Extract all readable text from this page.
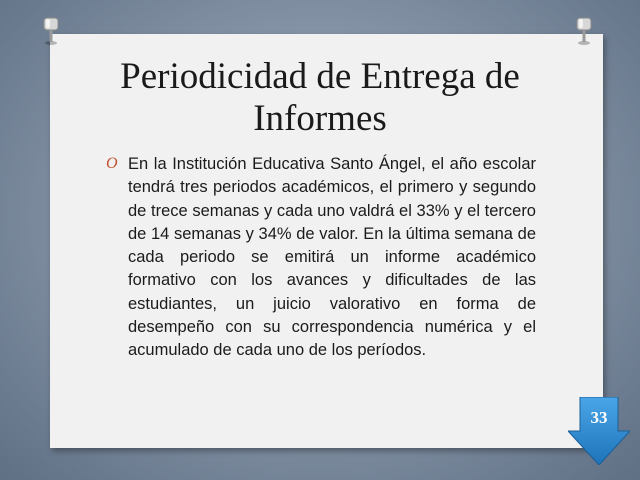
Periodicidad de Entrega de Informes
O En la Institución Educativa Santo Ángel, el año escolar tendrá tres periodos académicos, el primero y segundo de trece semanas y cada uno valdrá el 33% y el tercero de 14 semanas y 34% de valor. En la última semana de cada periodo se emitirá un informe académico formativo con los avances y dificultades de las estudiantes, un juicio valorativo en forma de desempeño con su correspondencia numérica y el acumulado de cada uno de los períodos.

33
